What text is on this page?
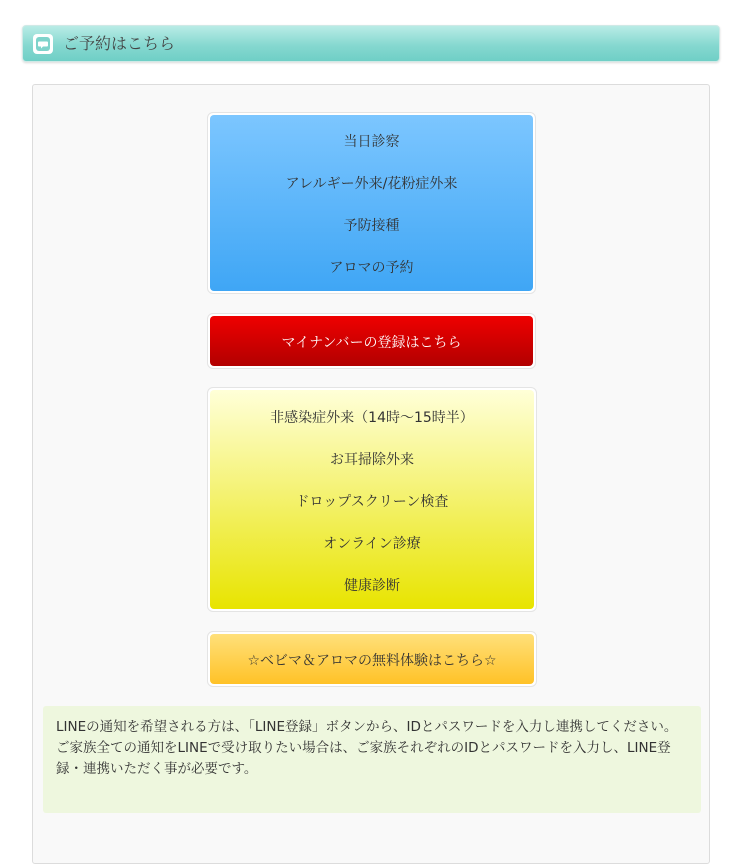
ご予約はこちら
当日診察
アレルギー外来/花粉症外来
予防接種
アロマの予約
マイナンバーの登録はこちら
非感染症外来（14時～15時半）
お耳掃除外来
ドロップスクリーン検査
オンライン診療
健康診断
☆ベビマ＆アロマの無料体験はこちら☆

LINEの通知を希望される方は、「LINE登録」ボタンから、IDとパスワードを入力し連携してください。

ご家族全ての通知をLINEで受け取りたい場合は、ご家族それぞれのIDとパスワードを入力し、LINE登録・連携いただく事が必要です。
